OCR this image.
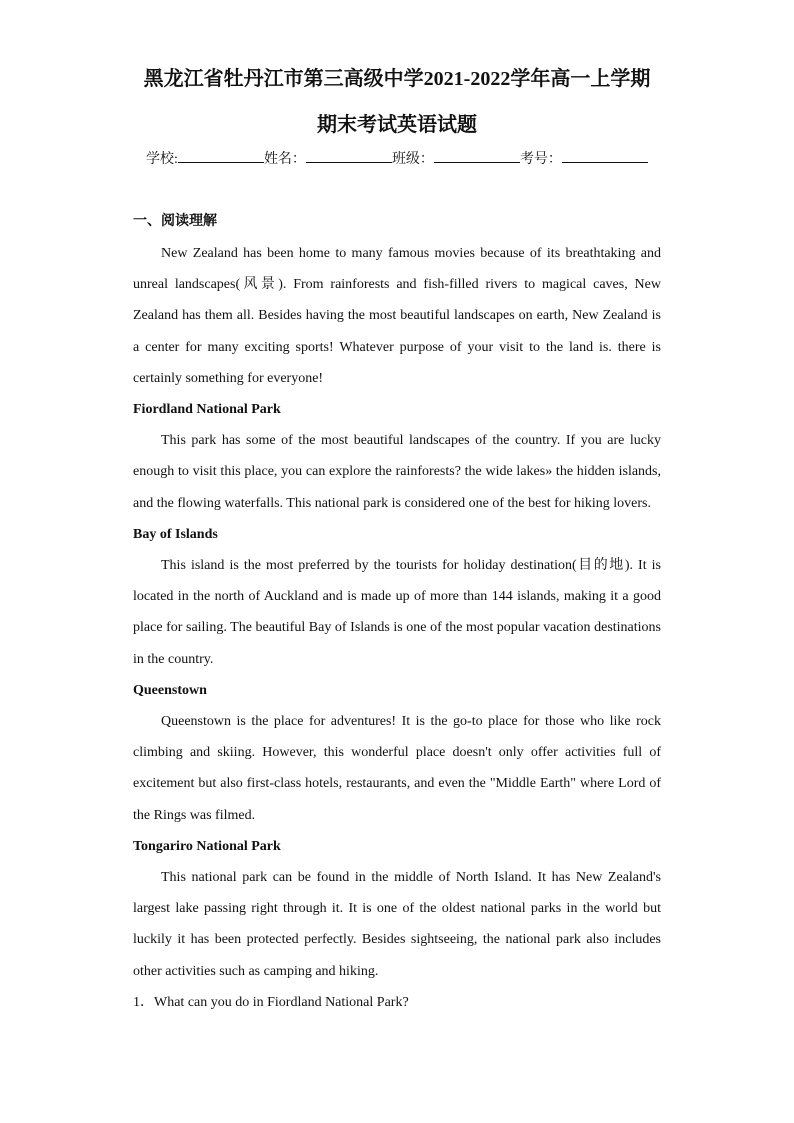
黑龙江省牡丹江市第三高级中学2021-2022学年高一上学期
期末考试英语试题
学校:	姓名：	班级：	考号：
一、阅读理解

New Zealand has been home to many famous movies because of its breathtaking and unreal landscapes(风景). From rainforests and fish-filled rivers to magical caves, New Zealand has them all. Besides having the most beautiful landscapes on earth, New Zealand is a center for many exciting sports! Whatever purpose of your visit to the land is. there is certainly something for everyone!

Fiordland National Park

This park has some of the most beautiful landscapes of the country. If you are lucky enough to visit this place, you can explore the rainforests? the wide lakes» the hidden islands, and the flowing waterfalls. This national park is considered one of the best for hiking lovers.

Bay of Islands

This island is the most preferred by the tourists for holiday destination(目的地). It is located in the north of Auckland and is made up of more than 144 islands, making it a good place for sailing. The beautiful Bay of Islands is one of the most popular vacation destinations in the country.

Queenstown

Queenstown is the place for adventures! It is the go-to place for those who like rock climbing and skiing. However, this wonderful place doesn't only offer activities full of excitement but also first-class hotels, restaurants, and even the "Middle Earth" where Lord of the Rings was filmed.

Tongariro National Park

This national park can be found in the middle of North Island. It has New Zealand's largest lake passing right through it. It is one of the oldest national parks in the world but luckily it has been protected perfectly. Besides sightseeing, the national park also includes other activities such as camping and hiking.

1．What can you do in Fiordland National Park?
